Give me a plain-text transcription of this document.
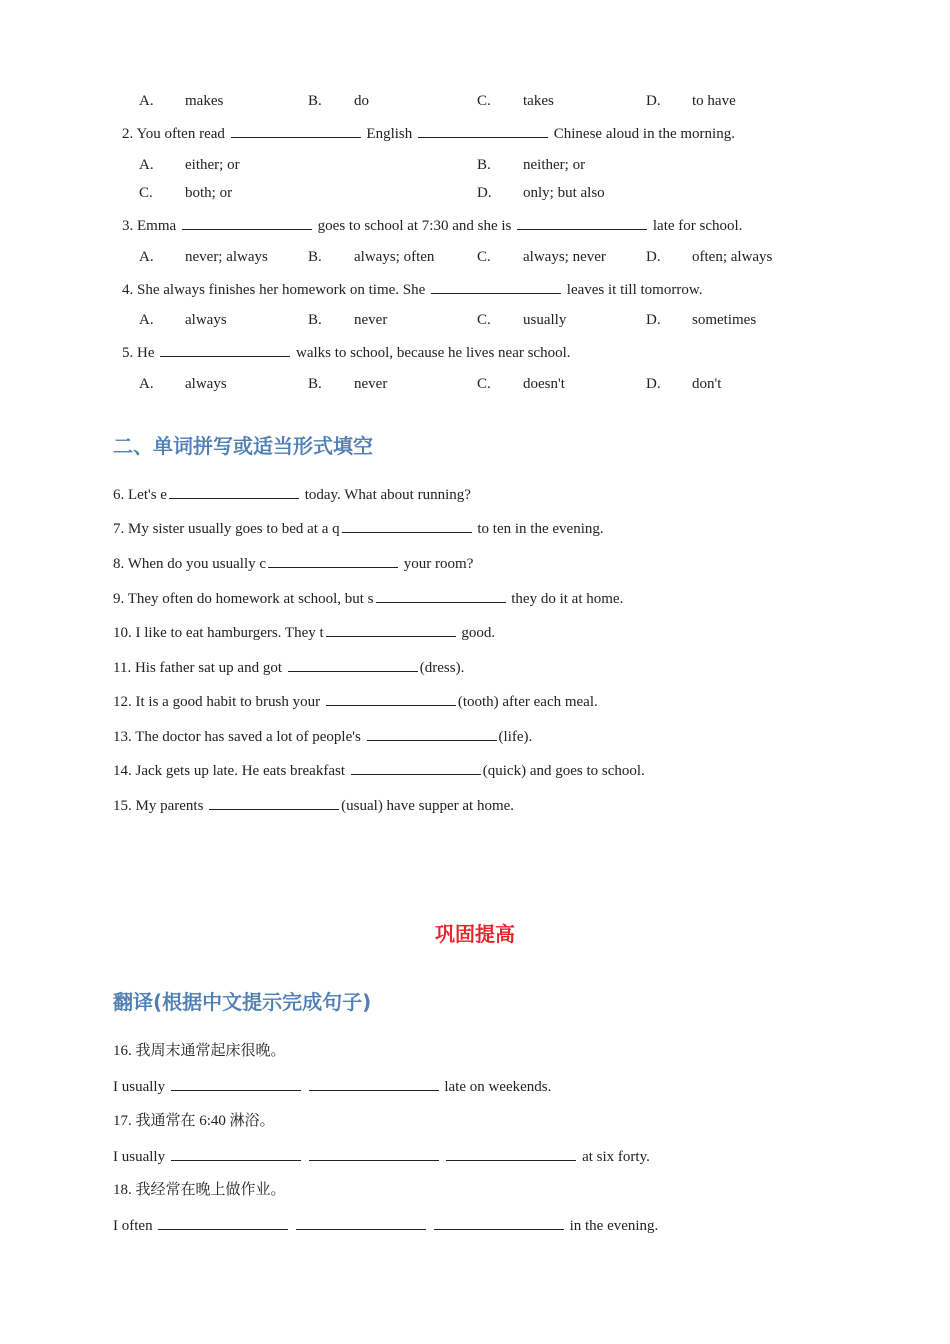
A. makes	B. do	C. takes	D. to have
2. You often read	English	Chinese aloud in the morning.
A. either; or	B. neither; or
C. both; or	D. only; but also
3. Emma	goes to school at 7:30 and she is	late for school.
A. never; always	B. always; often	C. always; never	D. often; always
4. She always finishes her homework on time. She	leaves it till tomorrow.
A. always	B. never	C. usually	D. sometimes
5. He	walks to school, because he lives near school.
A. always	B. never	C. doesn't	D. don't
二、单词拼写或适当形式填空
6. Let's e	today. What about running?
7. My sister usually goes to bed at a q	to ten in the evening.
8. When do you usually c	your room?
9. They often do homework at school, but s	they do it at home.
10. I like to eat hamburgers. They t	good.
11. His father sat up and got	(dress).
12. It is a good habit to brush your	(tooth) after each meal.
13. The doctor has saved a lot of people's	(life).
14. Jack gets up late. He eats breakfast	(quick) and goes to school.
15. My parents	(usual) have supper at home.
巩固提高
翻译(根据中文提示完成句子)
16. 我周末通常起床很晚。
I usually	late on weekends.
17. 我通常在 6:40 淋浴。
I usually	at six forty.
18. 我经常在晚上做作业。
I often	in the evening.
